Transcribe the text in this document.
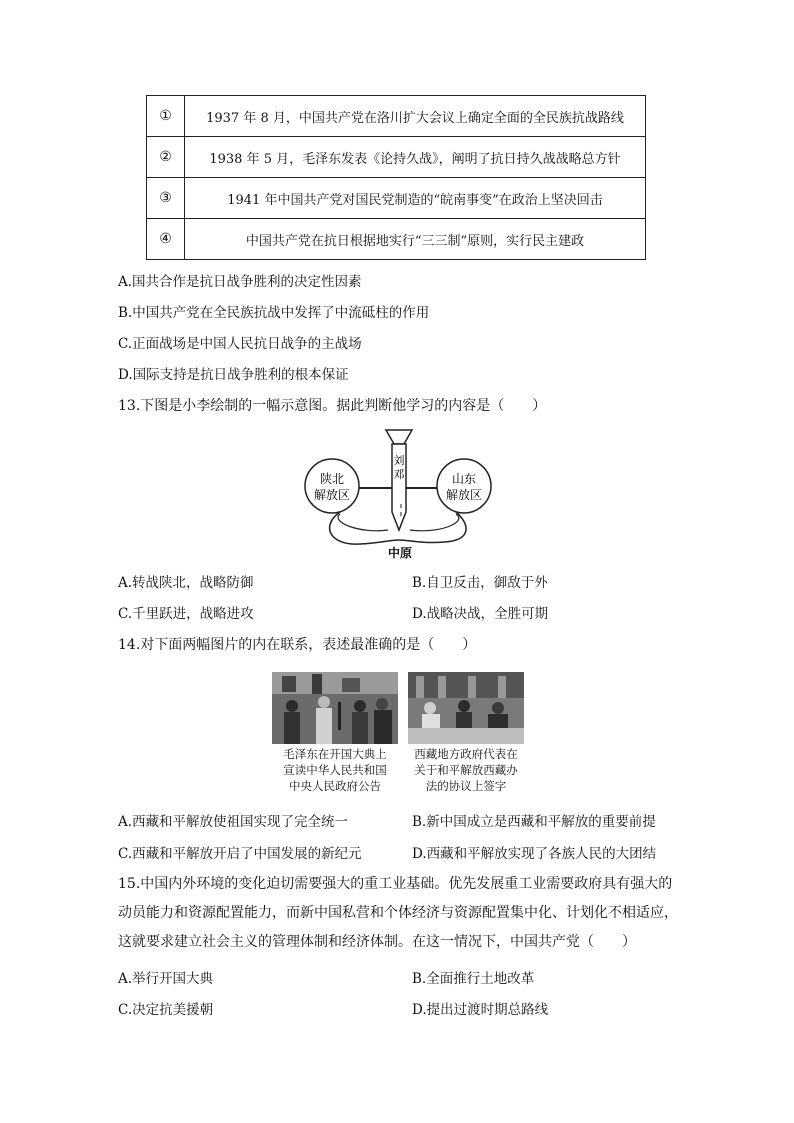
①	1937 年 8 月，中国共产党在洛川扩大会议上确定全面的全民族抗战路线
②	1938 年 5 月，毛泽东发表《论持久战》，阐明了抗日持久战战略总方针
③	1941 年中国共产党对国民党制造的“皖南事变”在政治上坚决回击
④	中国共产党在抗日根据地实行“三三制”原则，实行民主建政
A.国共合作是抗日战争胜利的决定性因素
B.中国共产党在全民族抗战中发挥了中流砥柱的作用
C.正面战场是中国人民抗日战争的主战场
D.国际支持是抗日战争胜利的根本保证
13.下图是小李绘制的一幅示意图。据此判断他学习的内容是（　　）
陕北
解放区
山东
解放区
刘
邓
中原
A.转战陕北，战略防御	B.自卫反击，御敌于外
C.千里跃进，战略进攻	D.战略决战，全胜可期
14.对下面两幅图片的内在联系，表述最准确的是（　　）
毛泽东在开国大典上
宣读中华人民共和国
中央人民政府公告
西藏地方政府代表在
关于和平解放西藏办
法的协议上签字
A.西藏和平解放使祖国实现了完全统一	B.新中国成立是西藏和平解放的重要前提
C.西藏和平解放开启了中国发展的新纪元	D.西藏和平解放实现了各族人民的大团结
15.中国内外环境的变化迫切需要强大的重工业基础。优先发展重工业需要政府具有强大的动员能力和资源配置能力，而新中国私营和个体经济与资源配置集中化、计划化不相适应，这就要求建立社会主义的管理体制和经济体制。在这一情况下，中国共产党（　　）
A.举行开国大典	B.全面推行土地改革
C.决定抗美援朝	D.提出过渡时期总路线
